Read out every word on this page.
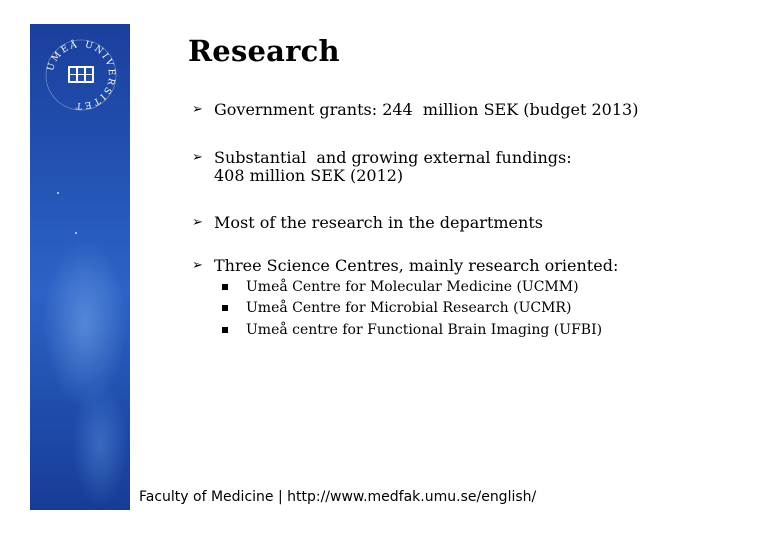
UMEÅ UNIVERSITET
Research
➢ Government grants: 244  million SEK (budget 2013)
➢ Substantial  and growing external fundings:
408 million SEK (2012)
➢ Most of the research in the departments
➢ Three Science Centres, mainly research oriented:
Umeå Centre for Molecular Medicine (UCMM)
Umeå Centre for Microbial Research (UCMR)
Umeå centre for Functional Brain Imaging (UFBI)
Faculty of Medicine | http://www.medfak.umu.se/english/
